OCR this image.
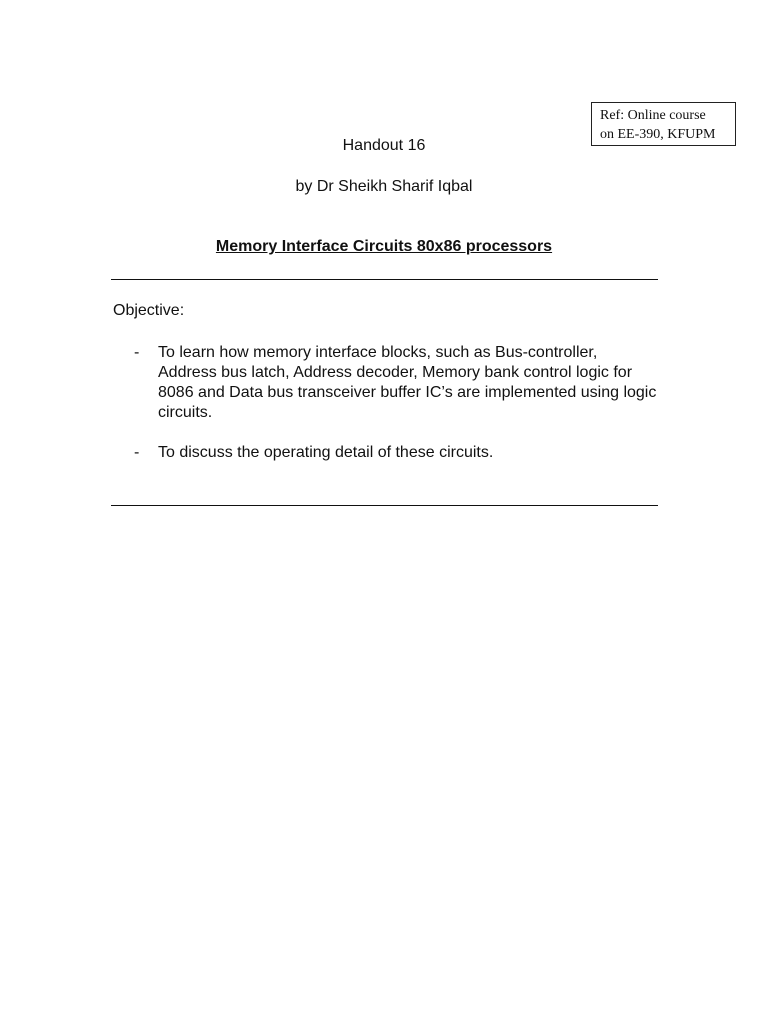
Ref: Online course
on EE-390, KFUPM
Handout 16
by Dr Sheikh Sharif Iqbal
Memory Interface Circuits 80x86 processors
Objective:
- To learn how memory interface blocks, such as Bus-controller, Address bus latch, Address decoder, Memory bank control logic for 8086 and Data bus transceiver buffer IC’s are implemented using logic circuits.
- To discuss the operating detail of these circuits.
